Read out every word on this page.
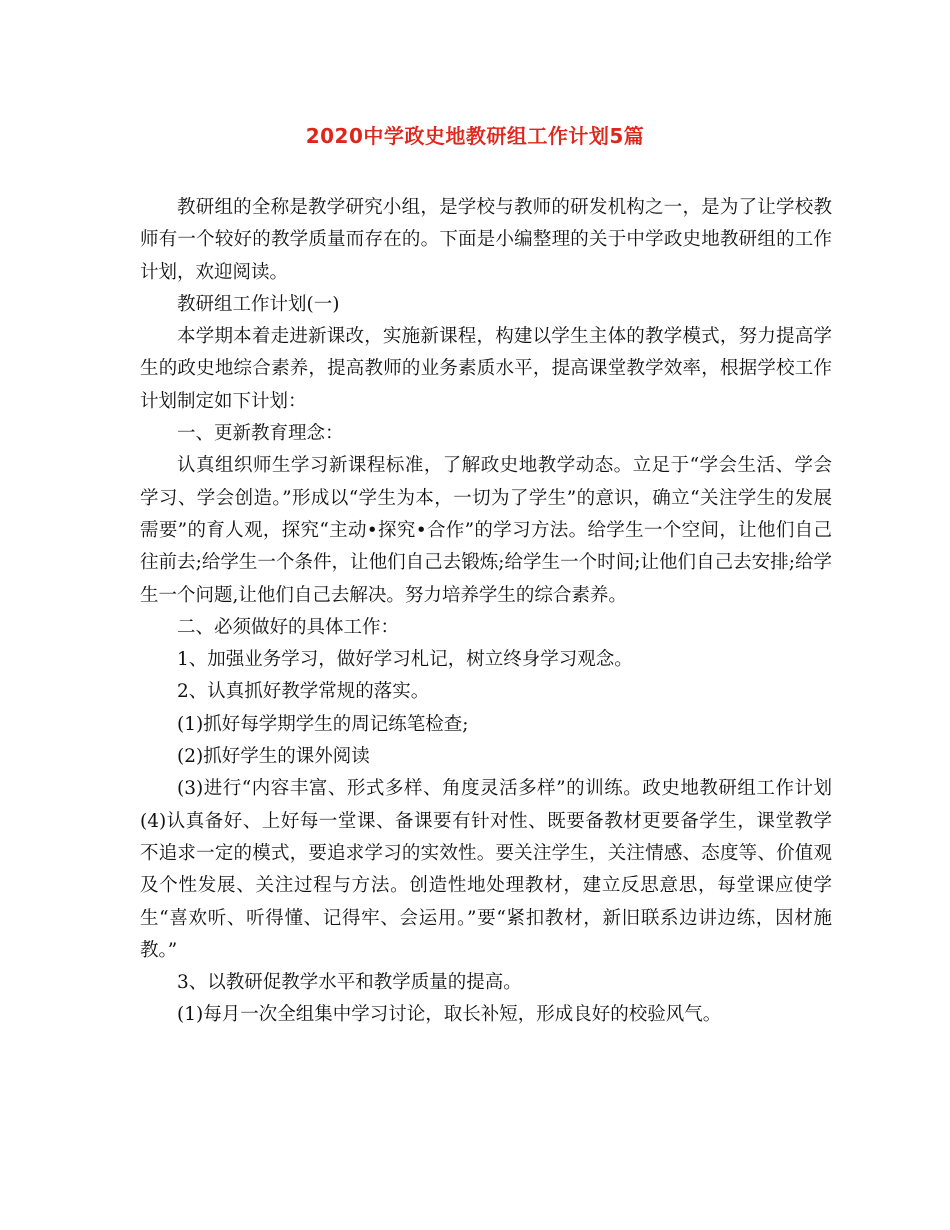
2020中学政史地教研组工作计划5篇

教研组的全称是教学研究小组，是学校与教师的研发机构之一，是为了让学校教师有一个较好的教学质量而存在的。下面是小编整理的关于中学政史地教研组的工作计划，欢迎阅读。

教研组工作计划(一)

本学期本着走进新课改，实施新课程，构建以学生主体的教学模式，努力提高学生的政史地综合素养，提高教师的业务素质水平，提高课堂教学效率，根据学校工作计划制定如下计划：

一、更新教育理念：

认真组织师生学习新课程标准，了解政史地教学动态。立足于“学会生活、学会学习、学会创造。”形成以“学生为本，一切为了学生”的意识，确立“关注学生的发展需要”的育人观，探究“主动•探究•合作”的学习方法。给学生一个空间，让他们自己往前去;给学生一个条件，让他们自己去锻炼;给学生一个时间;让他们自己去安排;给学生一个问题,让他们自己去解决。努力培养学生的综合素养。

二、必须做好的具体工作：

1、加强业务学习，做好学习札记，树立终身学习观念。

2、认真抓好教学常规的落实。

(1)抓好每学期学生的周记练笔检查;

(2)抓好学生的课外阅读

(3)进行“内容丰富、形式多样、角度灵活多样”的训练。政史地教研组工作计划(4)认真备好、上好每一堂课、备课要有针对性、既要备教材更要备学生，课堂教学不追求一定的模式，要追求学习的实效性。要关注学生，关注情感、态度等、价值观及个性发展、关注过程与方法。创造性地处理教材，建立反思意思，每堂课应使学生“喜欢听、听得懂、记得牢、会运用。”要“紧扣教材，新旧联系边讲边练，因材施教。”

3、以教研促教学水平和教学质量的提高。

(1)每月一次全组集中学习讨论，取长补短，形成良好的校验风气。
